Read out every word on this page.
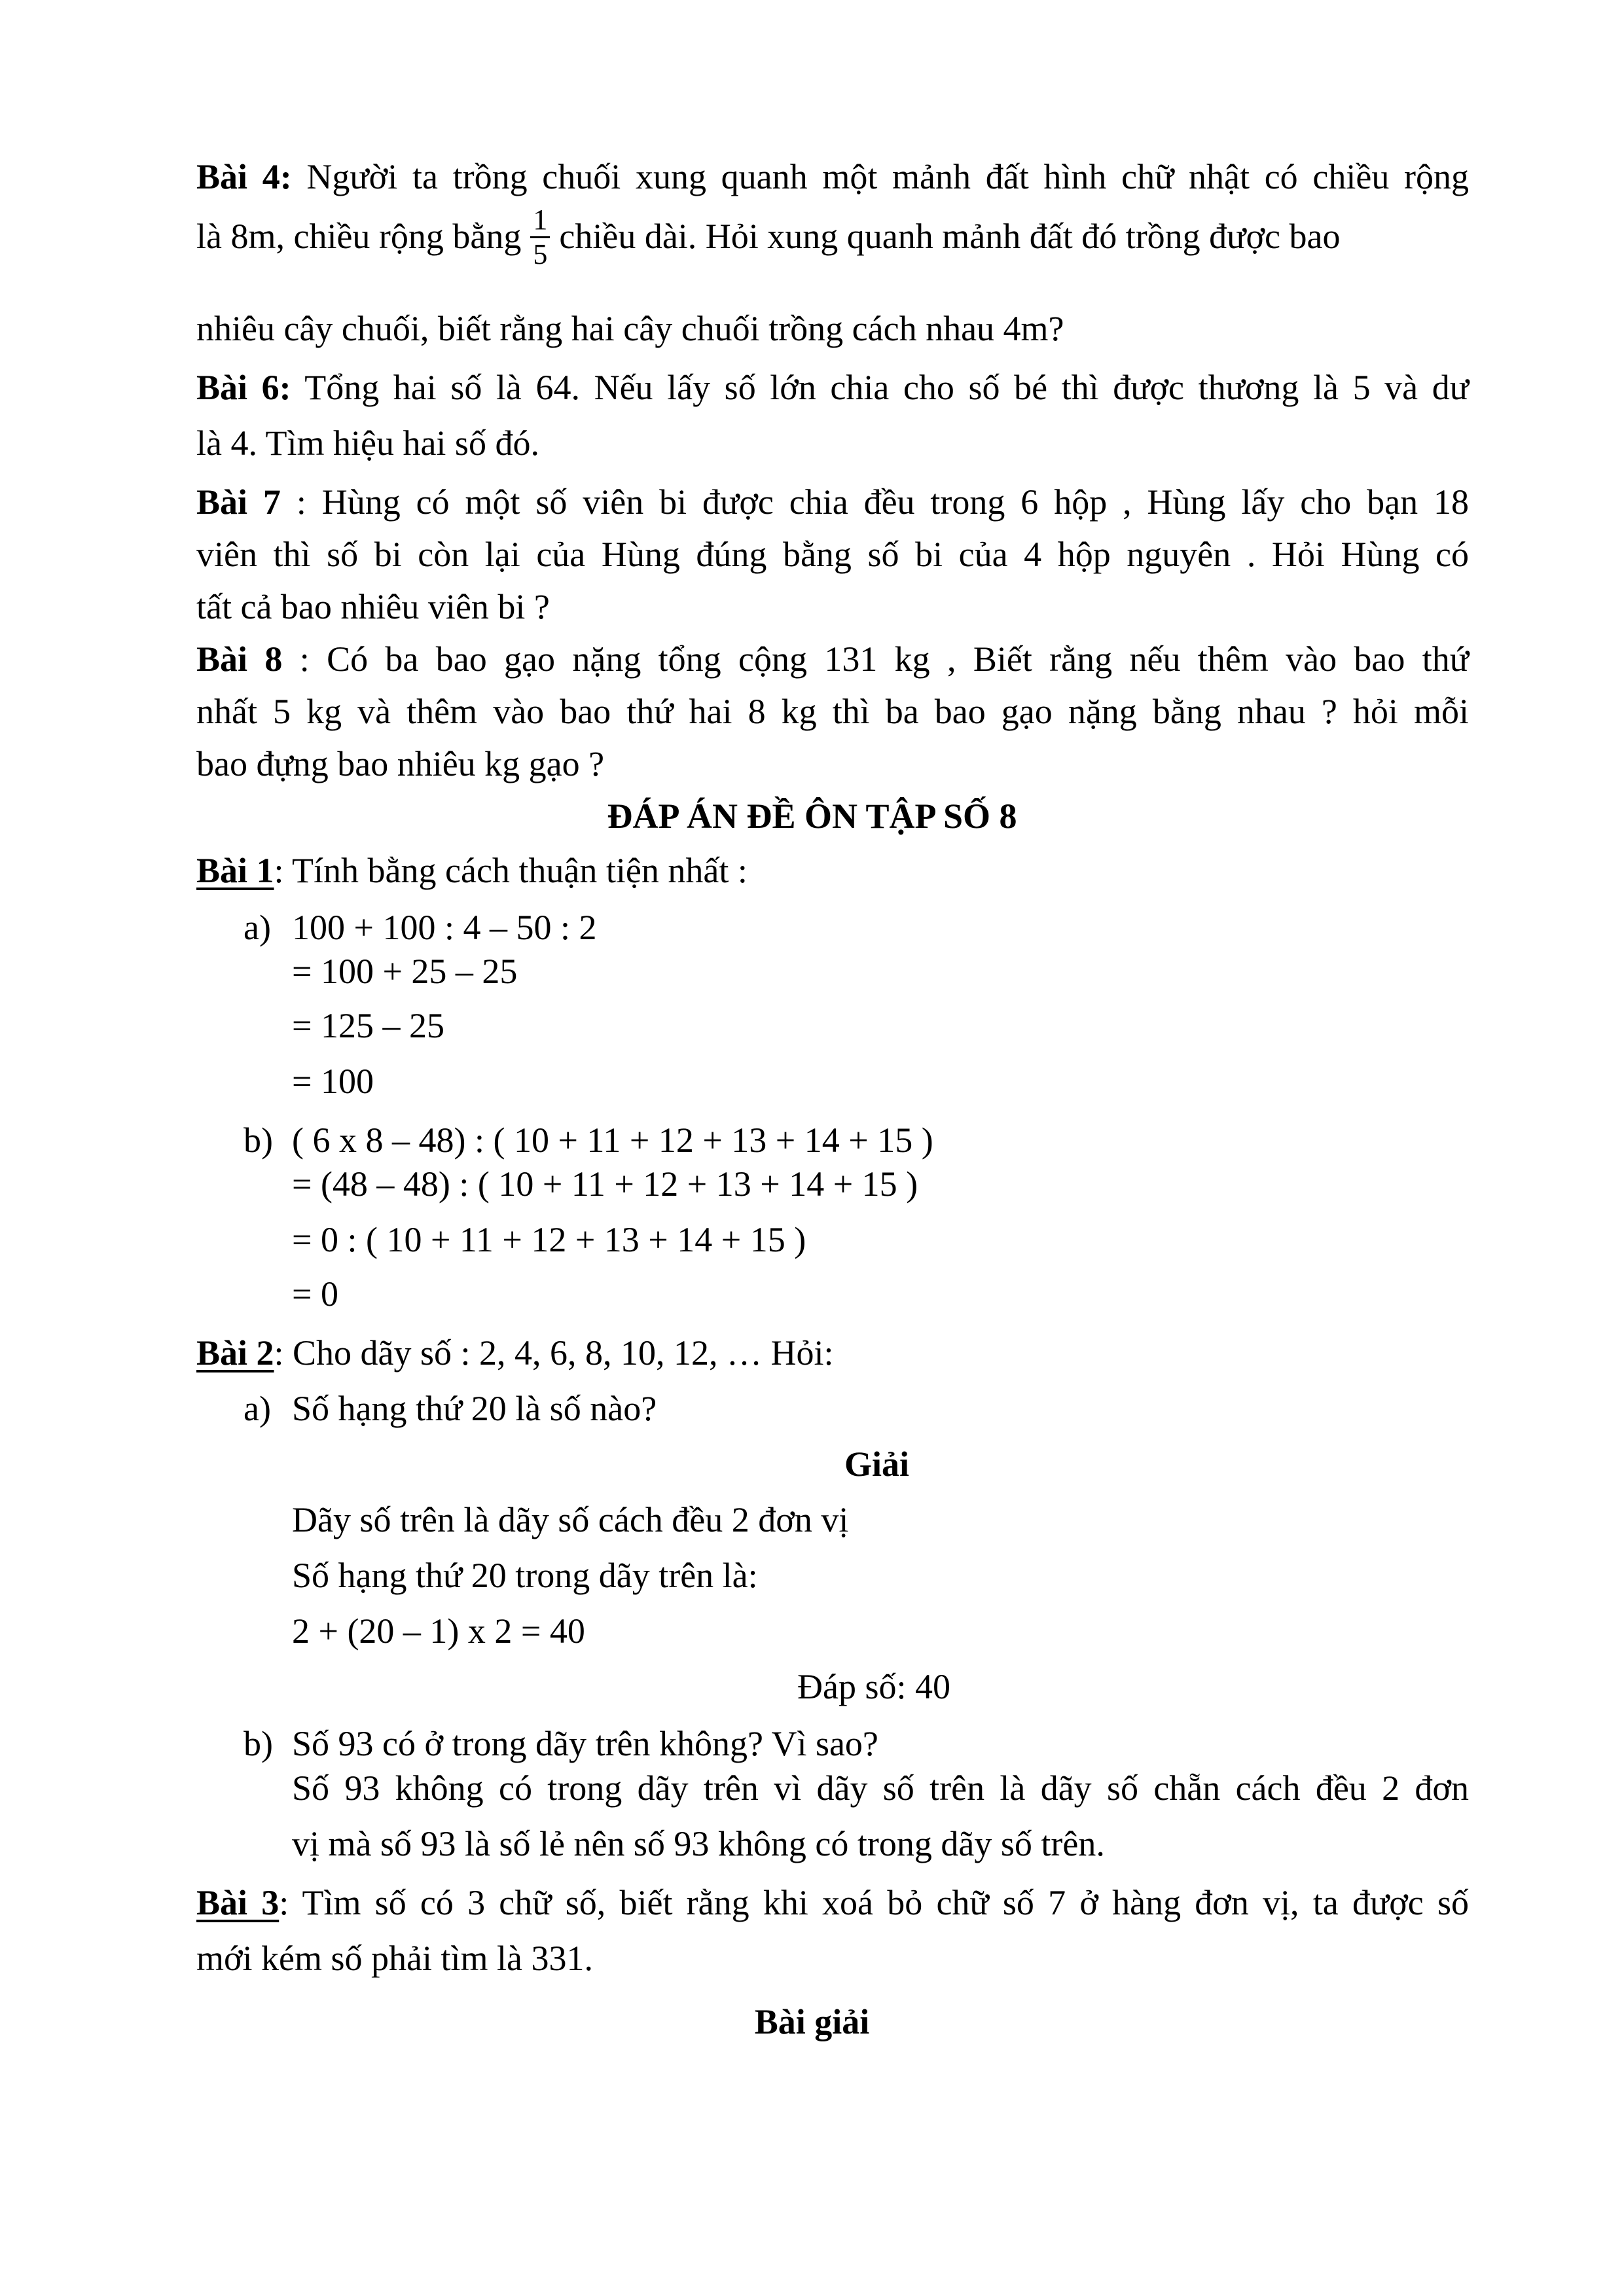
Bài 4: Người ta trồng chuối xung quanh một mảnh đất hình chữ nhật có chiều rộng
là 8m, chiều rộng bằng $\frac{1}{5}$ chiều dài. Hỏi xung quanh mảnh đất đó trồng được bao
nhiêu cây chuối, biết rằng hai cây chuối trồng cách nhau 4m?
Bài 6: Tổng hai số là 64. Nếu lấy số lớn chia cho số bé thì được thương là 5 và dư
là 4. Tìm hiệu hai số đó.
Bài 7 : Hùng có một số viên bi được chia đều trong 6 hộp , Hùng lấy cho bạn 18
viên thì số bi còn lại của Hùng đúng bằng số bi của 4 hộp nguyên . Hỏi Hùng có
tất cả bao nhiêu viên bi ?
Bài 8 : Có ba bao gạo nặng tổng cộng 131 kg , Biết rằng nếu thêm vào bao thứ
nhất 5 kg và thêm vào bao thứ hai 8 kg thì ba bao gạo nặng bằng nhau ? hỏi mỗi
bao đựng bao nhiêu kg gạo ?
ĐÁP ÁN ĐỀ ÔN TẬP SỐ 8
Bài 1: Tính bằng cách thuận tiện nhất :
a) 100 + 100 : 4 – 50 : 2
= 100 + 25 – 25
= 125 – 25
= 100
b) ( 6 x 8 – 48) : ( 10 + 11 + 12 + 13 + 14 + 15 )
= (48 – 48) : ( 10 + 11 + 12 + 13 + 14 + 15 )
= 0 : ( 10 + 11 + 12 + 13 + 14 + 15 )
= 0
Bài 2: Cho dãy số : 2, 4, 6, 8, 10, 12, … Hỏi:
a) Số hạng thứ 20 là số nào?
Giải
Dãy số trên là dãy số cách đều 2 đơn vị
Số hạng thứ 20 trong dãy trên là:
2 + (20 – 1) x 2 = 40
Đáp số: 40
b) Số 93 có ở trong dãy trên không? Vì sao?
Số 93 không có trong dãy trên vì dãy số trên là dãy số chẵn cách đều 2 đơn
vị mà số 93 là số lẻ nên số 93 không có trong dãy số trên.
Bài 3: Tìm số có 3 chữ số, biết rằng khi xoá bỏ chữ số 7 ở hàng đơn vị, ta được số
mới kém số phải tìm là 331.
Bài giải
